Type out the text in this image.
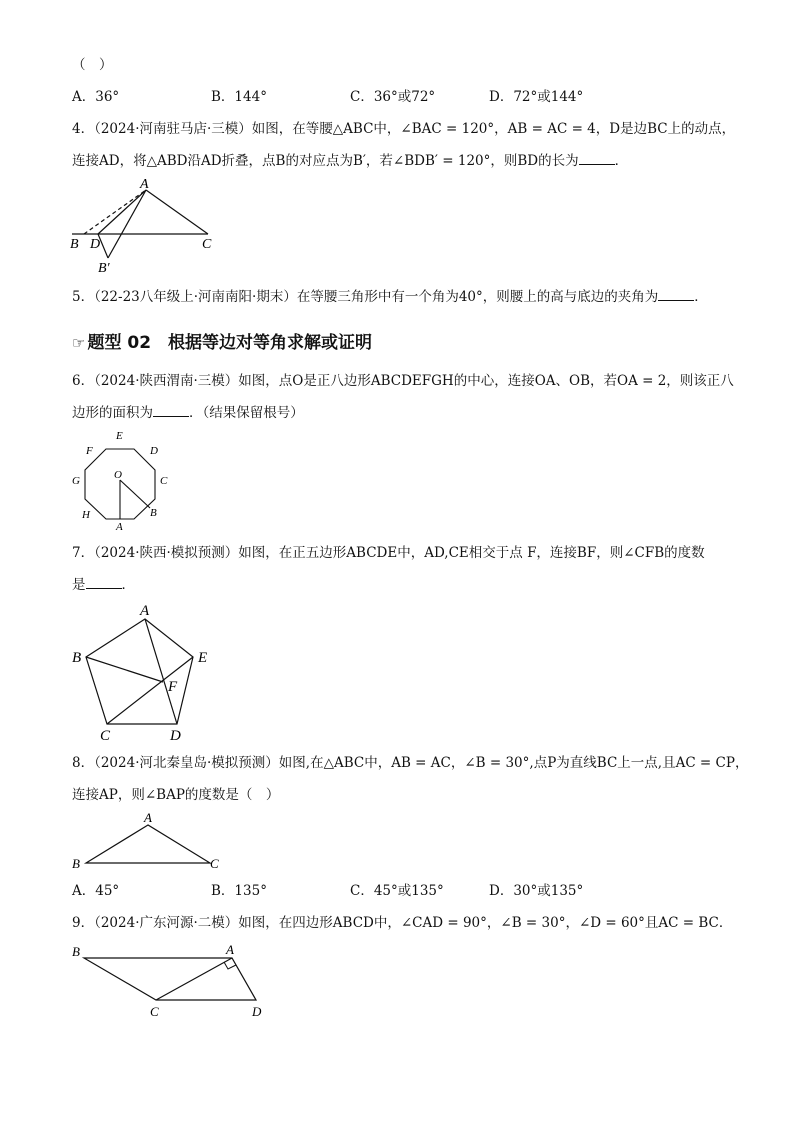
（　）
A．36°	B．144°	C．36°或72°	D．72°或144°
4．（2024·河南驻马店·三模）如图，在等腰△ABC中，∠BAC = 120°，AB = AC = 4，D是边BC上的动点，
连接AD，将△ABD沿AD折叠，点B的对应点为B′，若∠BDB′ = 120°，则BD的长为	．
A
B D	C
B′
5．（22-23八年级上·河南南阳·期末）在等腰三角形中有一个角为40°，则腰上的高与底边的夹角为	．
☞ 题型 02　根据等边对等角求解或证明
6．（2024·陕西渭南·三模）如图，点O是正八边形ABCDEFGH的中心，连接OA、OB，若OA = 2，则该正八
边形的面积为	．（结果保留根号）
O
A
B
C
D
E
F
G
H
7．（2024·陕西·模拟预测）如图，在正五边形ABCDE中，AD,CE相交于点 F，连接BF，则∠CFB的度数
是	．
A
B
C	D
E
F
8．（2024·河北秦皇岛·模拟预测）如图,在△ABC中，AB = AC，∠B = 30°,点P为直线BC上一点,且AC = CP，
连接AP，则∠BAP的度数是（　）
A
B	C
A．45°	B．135°	C．45°或135°	D．30°或135°
9．（2024·广东河源·二模）如图，在四边形ABCD中，∠CAD = 90°，∠B = 30°，∠D = 60°且AC = BC．
B	A
C	D
